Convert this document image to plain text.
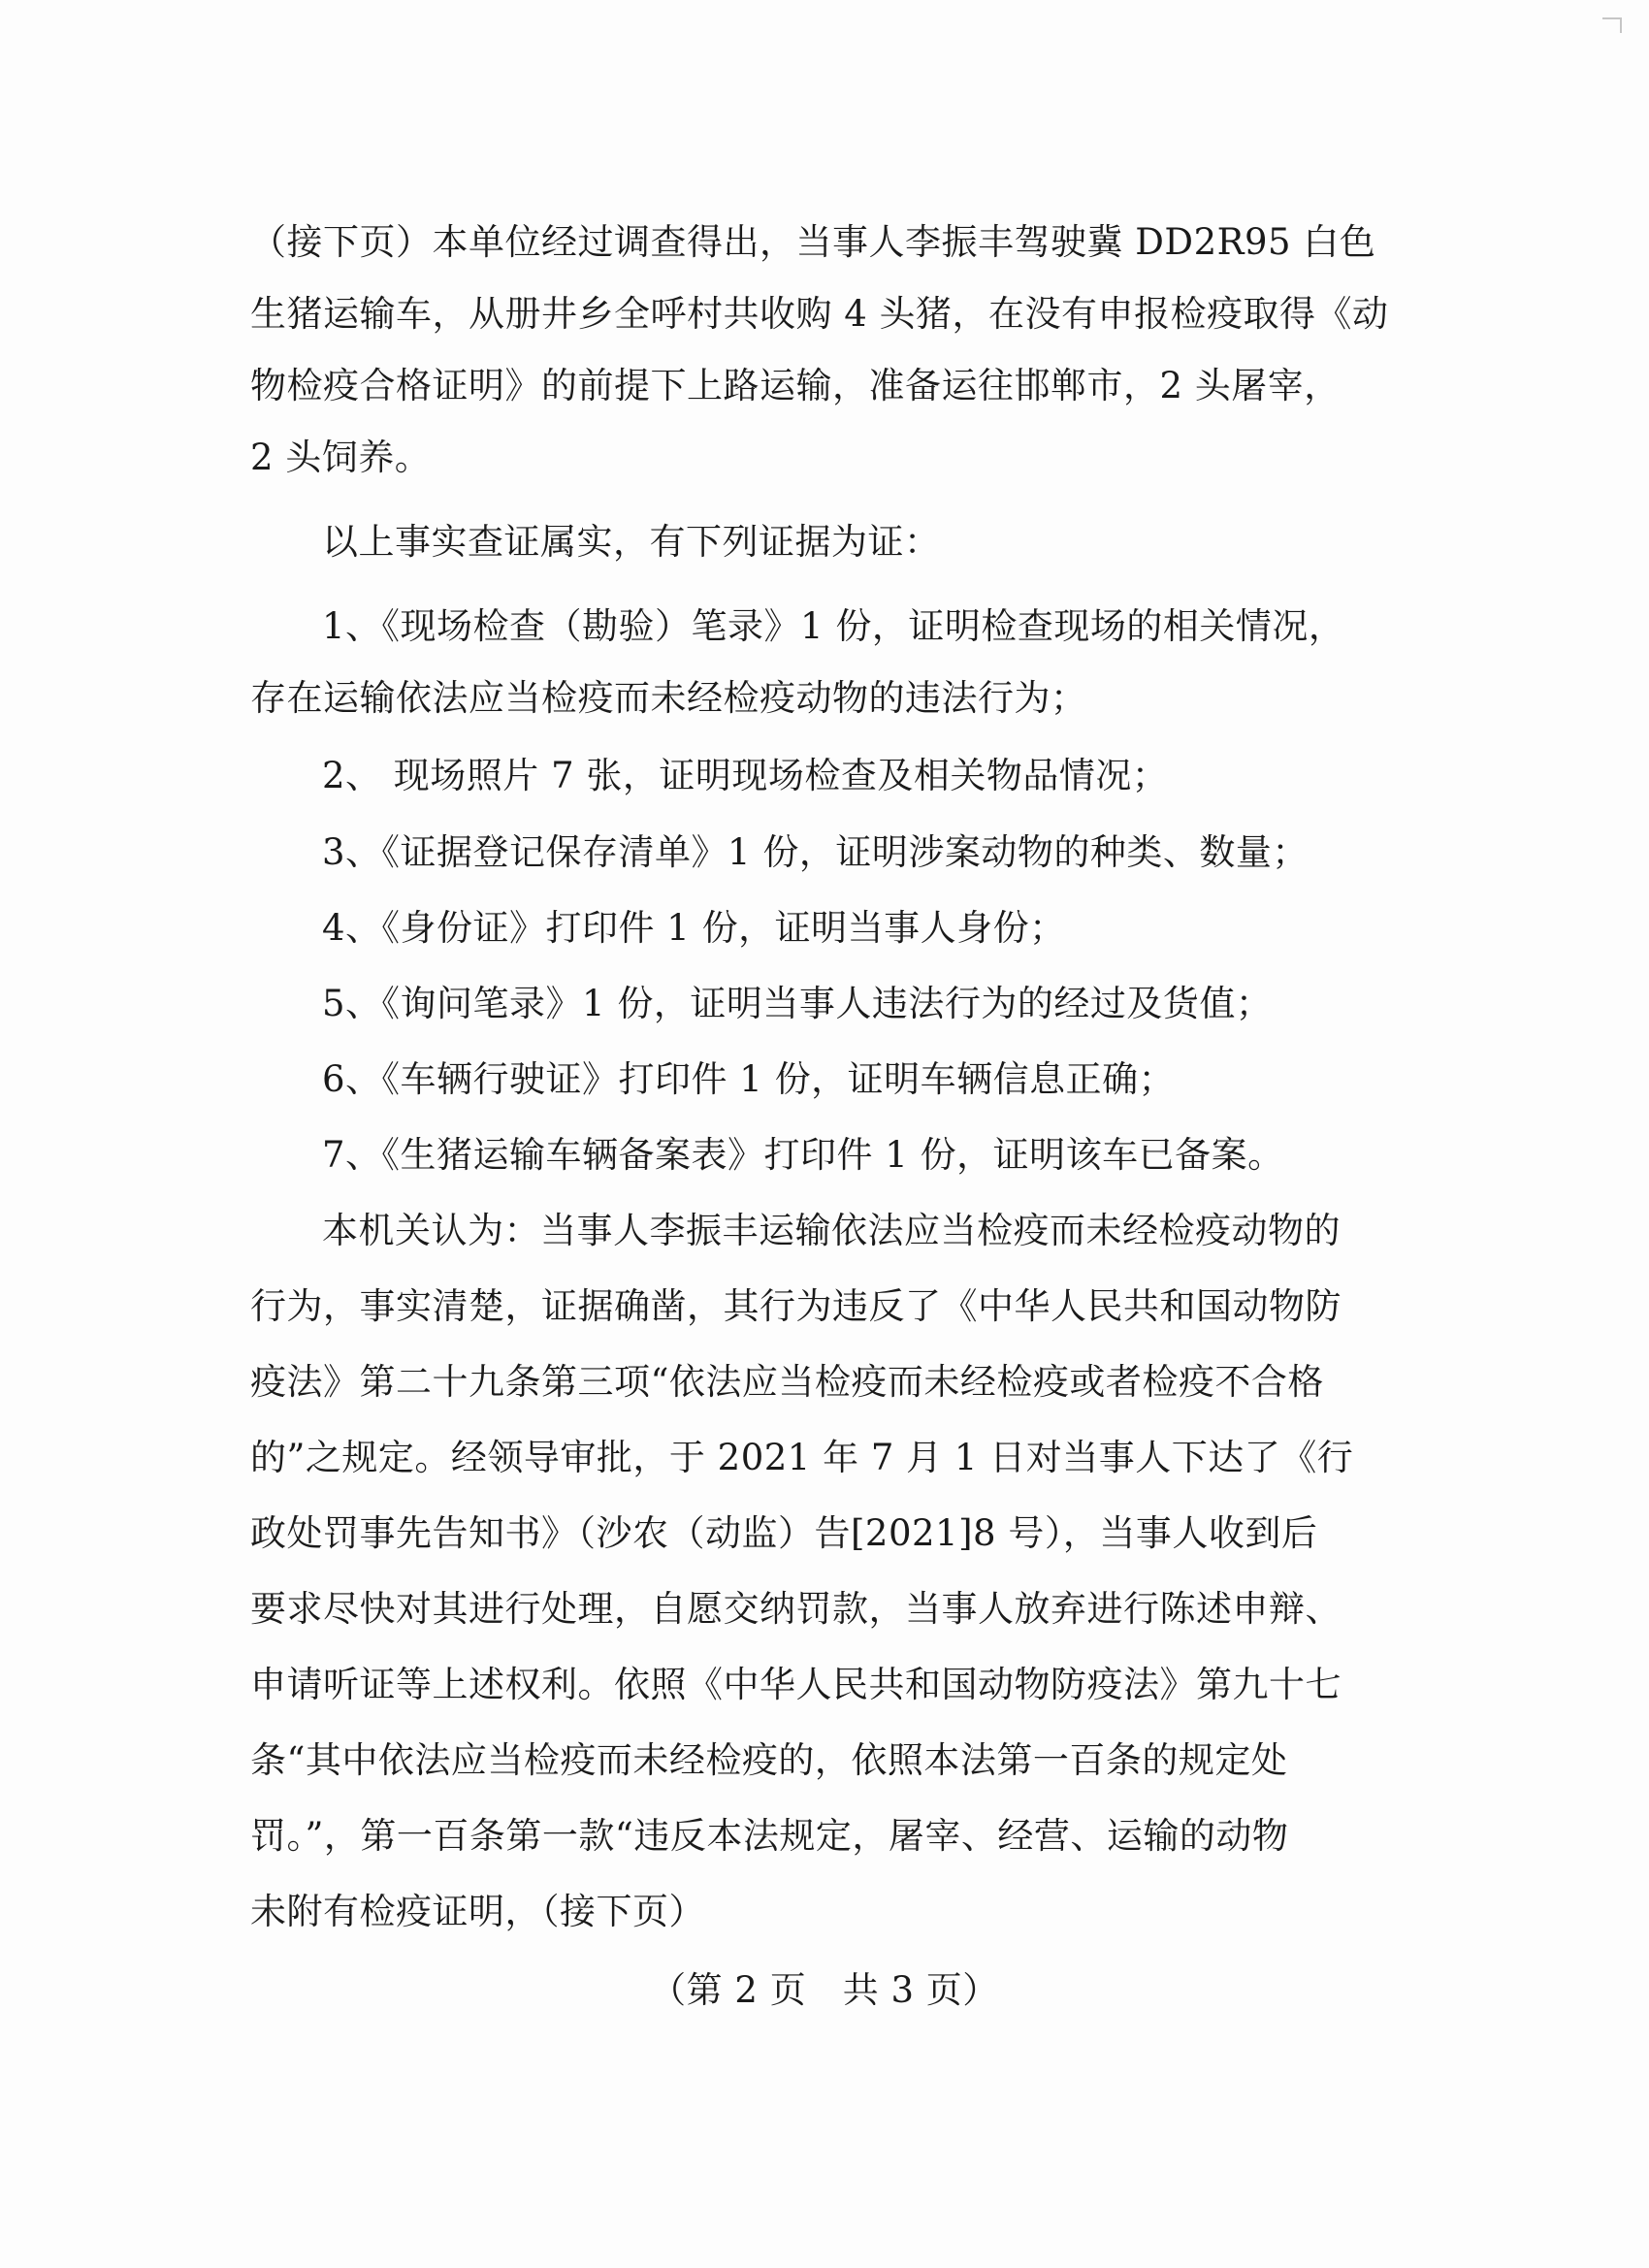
（接下页）本单位经过调查得出，当事人李振丰驾驶冀 DD2R95 白色
生猪运输车，从册井乡全呼村共收购 4 头猪，在没有申报检疫取得《动
物检疫合格证明》的前提下上路运输，准备运往邯郸市，2 头屠宰，
2 头饲养。
以上事实查证属实，有下列证据为证：
1、《现场检查（勘验）笔录》1 份，证明检查现场的相关情况，
存在运输依法应当检疫而未经检疫动物的违法行为；
2、 现场照片 7 张，证明现场检查及相关物品情况；
3、《证据登记保存清单》1 份，证明涉案动物的种类、数量；
4、《身份证》打印件 1 份，证明当事人身份；
5、《询问笔录》1 份，证明当事人违法行为的经过及货值；
6、《车辆行驶证》打印件 1 份，证明车辆信息正确；
7、《生猪运输车辆备案表》打印件 1 份，证明该车已备案。
本机关认为：当事人李振丰运输依法应当检疫而未经检疫动物的
行为，事实清楚，证据确凿，其行为违反了《中华人民共和国动物防
疫法》第二十九条第三项“依法应当检疫而未经检疫或者检疫不合格
的”之规定。经领导审批，于 2021 年 7 月 1 日对当事人下达了《行
政处罚事先告知书》（沙农（动监）告[2021]8 号），当事人收到后
要求尽快对其进行处理，自愿交纳罚款，当事人放弃进行陈述申辩、
申请听证等上述权利。依照《中华人民共和国动物防疫法》第九十七
条“其中依法应当检疫而未经检疫的，依照本法第一百条的规定处
罚。”，第一百条第一款“违反本法规定，屠宰、经营、运输的动物
未附有检疫证明，（接下页）
（第 2 页　共 3 页）
